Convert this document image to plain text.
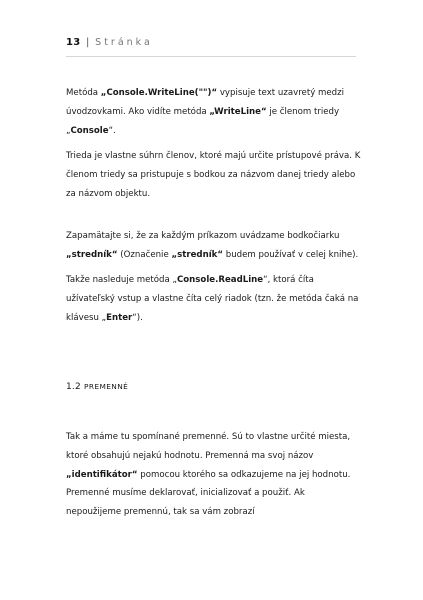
13 | Stránka

Metóda „Console.WriteLine("")“ vypisuje text uzavretý medzi úvodzovkami. Ako vidíte metóda „WriteLine“ je členom triedy „Console“.

Trieda je vlastne súhrn členov, ktoré majú určite prístupové práva. K členom triedy sa pristupuje s bodkou za názvom danej triedy alebo za názvom objektu.

Zapamätajte si, že za každým príkazom uvádzame bodkočiarku „stredník“ (Označenie „stredník“ budem používať v celej knihe).

Takže nasleduje metóda „Console.ReadLine“, ktorá číta užívateľský vstup a vlastne číta celý riadok (tzn. že metóda čaká na klávesu „Enter“).

1.2 PREMENNÉ

Tak a máme tu spomínané premenné. Sú to vlastne určité miesta, ktoré obsahujú nejakú hodnotu. Premenná ma svoj názov „identifikátor“ pomocou ktorého sa odkazujeme na jej hodnotu. Premenné musíme deklarovať, inicializovať a použiť. Ak nepoužijeme premennú, tak sa vám zobrazí
